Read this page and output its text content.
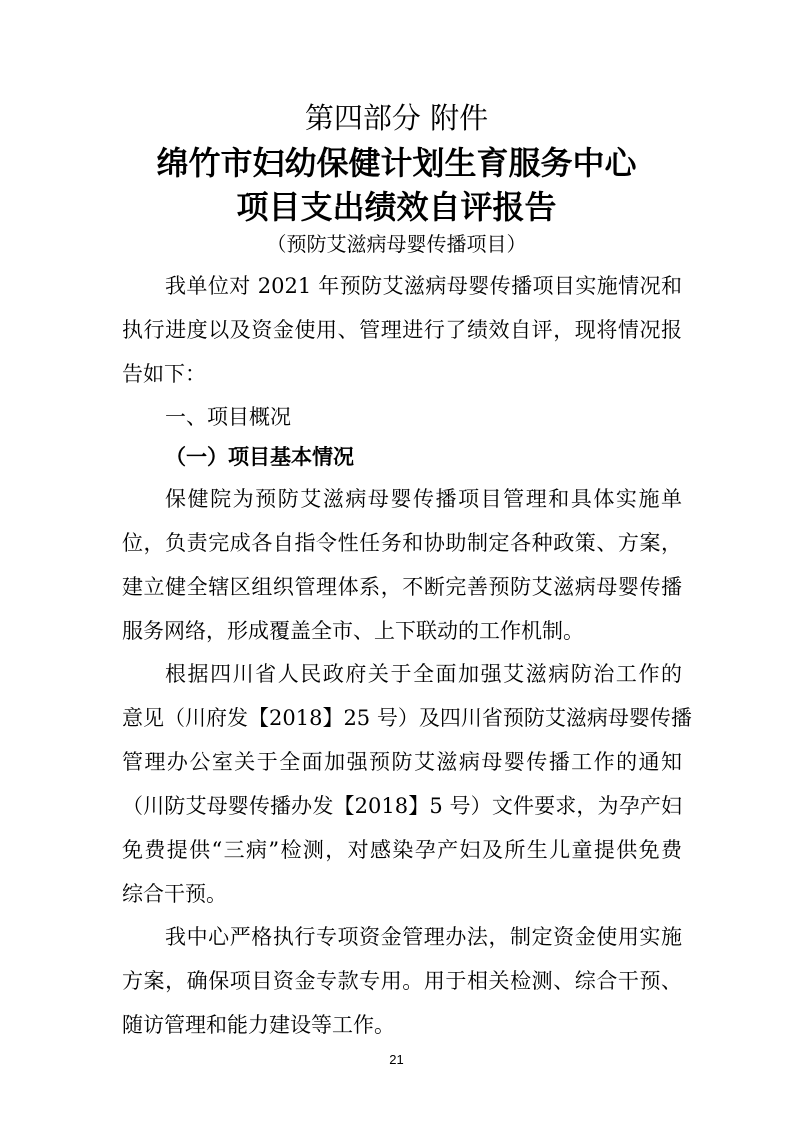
第四部分 附件
绵竹市妇幼保健计划生育服务中心
项目支出绩效自评报告
（预防艾滋病母婴传播项目）
我单位对 2021 年预防艾滋病母婴传播项目实施情况和
执行进度以及资金使用、管理进行了绩效自评，现将情况报
告如下：
一、项目概况
（一）项目基本情况
保健院为预防艾滋病母婴传播项目管理和具体实施单
位，负责完成各自指令性任务和协助制定各种政策、方案，
建立健全辖区组织管理体系，不断完善预防艾滋病母婴传播
服务网络，形成覆盖全市、上下联动的工作机制。
根据四川省人民政府关于全面加强艾滋病防治工作的
意见（川府发【2018】25 号）及四川省预防艾滋病母婴传播
管理办公室关于全面加强预防艾滋病母婴传播工作的通知
（川防艾母婴传播办发【2018】5 号）文件要求，为孕产妇
免费提供“三病”检测，对感染孕产妇及所生儿童提供免费
综合干预。
我中心严格执行专项资金管理办法，制定资金使用实施
方案，确保项目资金专款专用。用于相关检测、综合干预、
随访管理和能力建设等工作。
21
